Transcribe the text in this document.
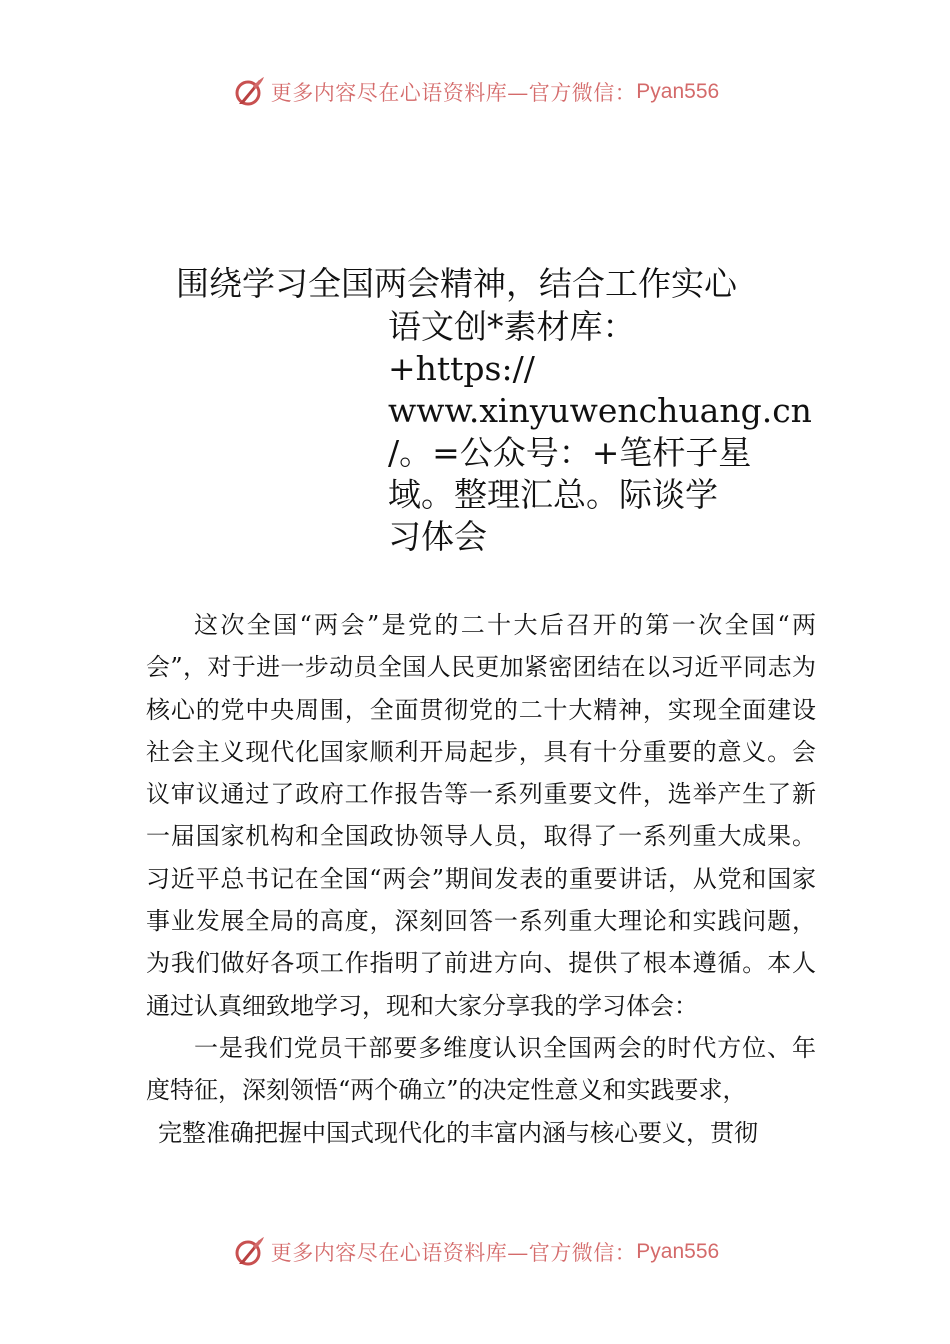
更多内容尽在心语资料库—官方微信： Pyan556
围绕学习全国两会精神，结合工作实心
语文创*素材库：
+https://
www.xinyuwenchuang.cn
/。=公众号：+笔杆子星
域。整理汇总。际谈学
习体会

这次全国“两会”是党的二十大后召开的第一次全国“两会”，对于进一步动员全国人民更加紧密团结在以习近平同志为核心的党中央周围，全面贯彻党的二十大精神，实现全面建设社会主义现代化国家顺利开局起步，具有十分重要的意义。会议审议通过了政府工作报告等一系列重要文件，选举产生了新一届国家机构和全国政协领导人员，取得了一系列重大成果。习近平总书记在全国“两会”期间发表的重要讲话，从党和国家事业发展全局的高度，深刻回答一系列重大理论和实践问题，为我们做好各项工作指明了前进方向、提供了根本遵循。本人通过认真细致地学习，现和大家分享我的学习体会：

一是我们党员干部要多维度认识全国两会的时代方位、年度特征，深刻领悟“两个确立”的决定性意义和实践要求，

完整准确把握中国式现代化的丰富内涵与核心要义，贯彻

更多内容尽在心语资料库—官方微信： Pyan556
